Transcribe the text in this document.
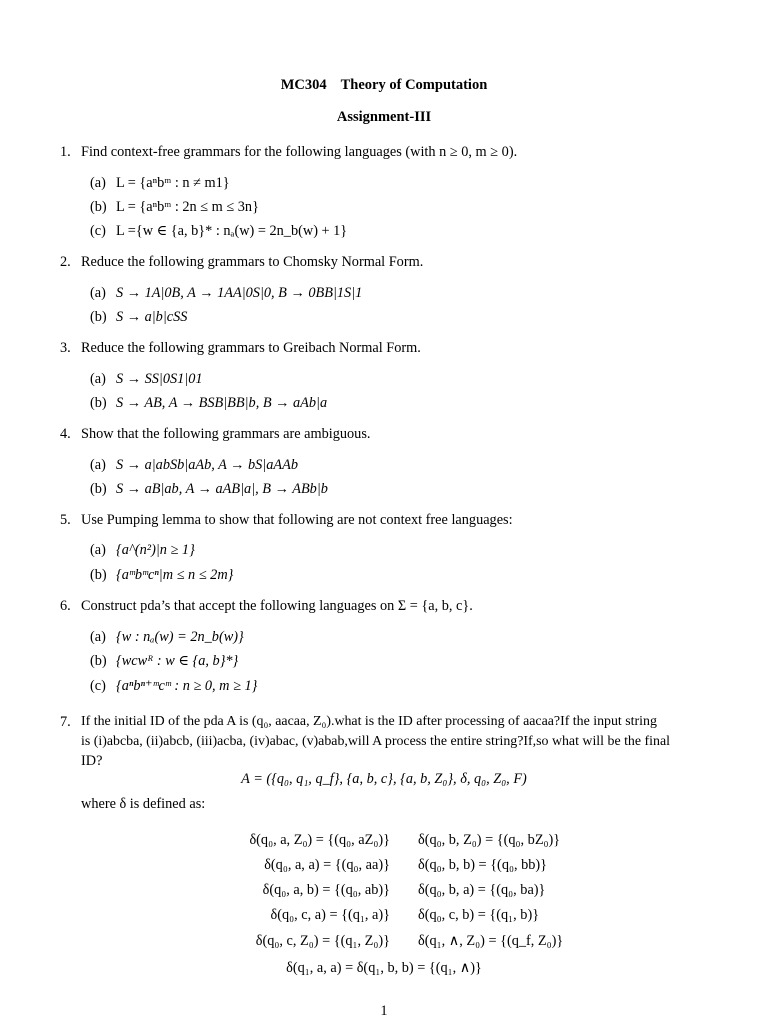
MC304 Theory of Computation
Assignment-III
1. Find context-free grammars for the following languages (with n ≥ 0, m ≥ 0).
(a) L = {aⁿbᵐ : n ≠ m1}
(b) L = {aⁿbᵐ : 2n ≤ m ≤ 3n}
(c) L ={w ∈ {a, b}* : nₐ(w) = 2n_b(w) + 1}
2. Reduce the following grammars to Chomsky Normal Form.
(a) S → 1A|0B, A → 1AA|0S|0, B → 0BB|1S|1
(b) S → a|b|cSS
3. Reduce the following grammars to Greibach Normal Form.
(a) S → SS|0S1|01
(b) S → AB, A → BSB|BB|b, B → aAb|a
4. Show that the following grammars are ambiguous.
(a) S → a|abSb|aAb, A → bS|aAAb
(b) S → aB|ab, A → aAB|a|, B → ABb|b
5. Use Pumping lemma to show that following are not context free languages:
(a) {a^(n²)|n ≥ 1}
(b) {aᵐbᵐcⁿ|m ≤ n ≤ 2m}
6. Construct pda’s that accept the following languages on Σ = {a, b, c}.
(a) {w : nₐ(w) = 2n_b(w)}
(b) {wcwᴿ : w ∈ {a, b}*}
(c) {aⁿbⁿ⁺ᵐcᵐ : n ≥ 0, m ≥ 1}
7. If the initial ID of the pda A is (q₀, aacaa, Z₀).what is the ID after processing of aacaa?If the input string
is (i)abcba, (ii)abcb, (iii)acba, (iv)abac, (v)abab,will A process the entire string?If,so what will be the final
ID?
A = ({q₀, q₁, q_f}, {a, b, c}, {a, b, Z₀}, δ, q₀, Z₀, F)
where δ is defined as:
δ(q₀, a, Z₀) = {(q₀, aZ₀)} δ(q₀, b, Z₀) = {(q₀, bZ₀)}
δ(q₀, a, a) = {(q₀, aa)} δ(q₀, b, b) = {(q₀, bb)}
δ(q₀, a, b) = {(q₀, ab)} δ(q₀, b, a) = {(q₀, ba)}
δ(q₀, c, a) = {(q₁, a)} δ(q₀, c, b) = {(q₁, b)}
δ(q₀, c, Z₀) = {(q₁, Z₀)} δ(q₁, ∧, Z₀) = {(q_f, Z₀)}
δ(q₁, a, a) = δ(q₁, b, b) = {(q₁, ∧)}
1
